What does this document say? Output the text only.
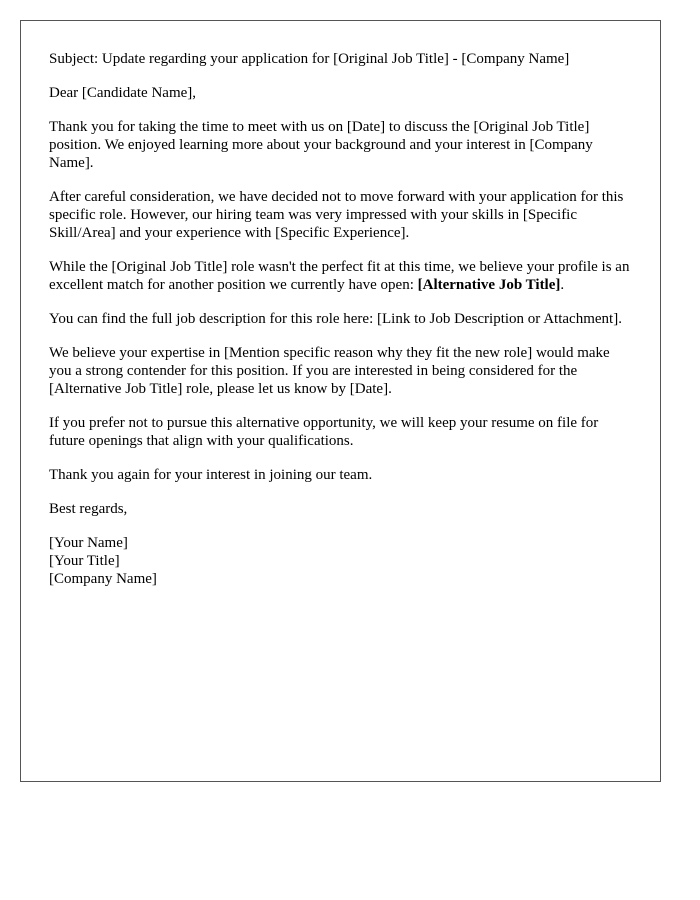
Subject: Update regarding your application for [Original Job Title] - [Company Name]

Dear [Candidate Name],

Thank you for taking the time to meet with us on [Date] to discuss the [Original Job Title] position. We enjoyed learning more about your background and your interest in [Company Name].

After careful consideration, we have decided not to move forward with your application for this specific role. However, our hiring team was very impressed with your skills in [Specific Skill/Area] and your experience with [Specific Experience].

While the [Original Job Title] role wasn't the perfect fit at this time, we believe your profile is an excellent match for another position we currently have open: [Alternative Job Title].

You can find the full job description for this role here: [Link to Job Description or Attachment].

We believe your expertise in [Mention specific reason why they fit the new role] would make you a strong contender for this position. If you are interested in being considered for the [Alternative Job Title] role, please let us know by [Date].

If you prefer not to pursue this alternative opportunity, we will keep your resume on file for future openings that align with your qualifications.

Thank you again for your interest in joining our team.

Best regards,

[Your Name]
[Your Title]
[Company Name]
